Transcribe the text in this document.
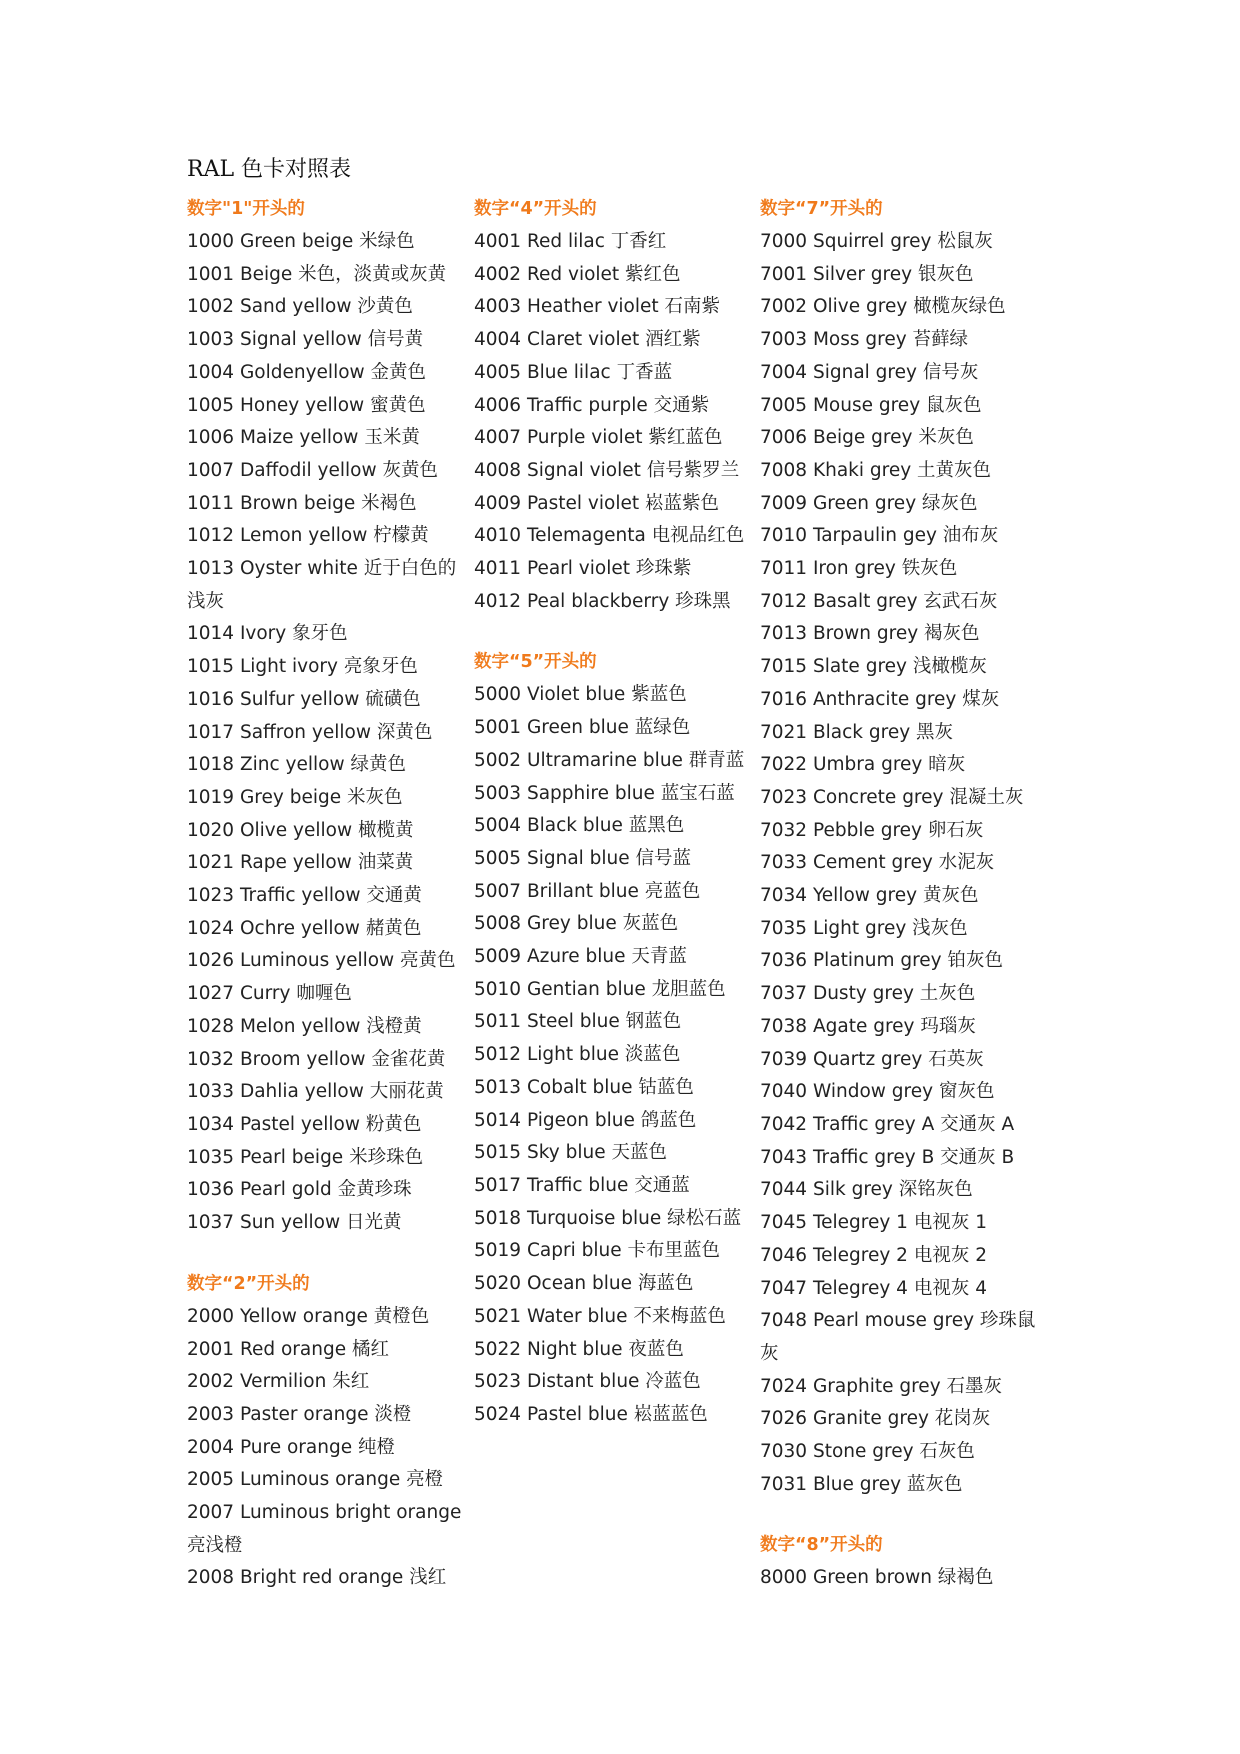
RAL 色卡对照表
数字"1"开头的
1000 Green beige 米绿色
1001 Beige 米色，淡黄或灰黄
1002 Sand yellow 沙黄色
1003 Signal yellow 信号黄
1004 Goldenyellow 金黄色
1005 Honey yellow 蜜黄色
1006 Maize yellow 玉米黄
1007 Daffodil yellow 灰黄色
1011 Brown beige 米褐色
1012 Lemon yellow 柠檬黄
1013 Oyster white 近于白色的浅灰
1014 Ivory 象牙色
1015 Light ivory 亮象牙色
1016 Sulfur yellow 硫磺色
1017 Saffron yellow 深黄色
1018 Zinc yellow 绿黄色
1019 Grey beige 米灰色
1020 Olive yellow 橄榄黄
1021 Rape yellow 油菜黄
1023 Traffic yellow 交通黄
1024 Ochre yellow 赭黄色
1026 Luminous yellow 亮黄色
1027 Curry 咖喱色
1028 Melon yellow 浅橙黄
1032 Broom yellow 金雀花黄
1033 Dahlia yellow 大丽花黄
1034 Pastel yellow 粉黄色
1035 Pearl beige 米珍珠色
1036 Pearl gold 金黄珍珠
1037 Sun yellow 日光黄
数字“2”开头的
2000 Yellow orange 黄橙色
2001 Red orange 橘红
2002 Vermilion 朱红
2003 Paster orange 淡橙
2004 Pure orange 纯橙
2005 Luminous orange 亮橙
2007 Luminous bright orange 亮浅橙
2008 Bright red orange 浅红
数字“4”开头的
4001 Red lilac 丁香红
4002 Red violet 紫红色
4003 Heather violet 石南紫
4004 Claret violet 酒红紫
4005 Blue lilac 丁香蓝
4006 Traffic purple 交通紫
4007 Purple violet 紫红蓝色
4008 Signal violet 信号紫罗兰
4009 Pastel violet 崧蓝紫色
4010 Telemagenta 电视品红色
4011 Pearl violet 珍珠紫
4012 Peal blackberry 珍珠黑
数字“5”开头的
5000 Violet blue 紫蓝色
5001 Green blue 蓝绿色
5002 Ultramarine blue 群青蓝
5003 Sapphire blue 蓝宝石蓝
5004 Black blue 蓝黑色
5005 Signal blue 信号蓝
5007 Brillant blue 亮蓝色
5008 Grey blue 灰蓝色
5009 Azure blue 天青蓝
5010 Gentian blue 龙胆蓝色
5011 Steel blue 钢蓝色
5012 Light blue 淡蓝色
5013 Cobalt blue 钴蓝色
5014 Pigeon blue 鸽蓝色
5015 Sky blue 天蓝色
5017 Traffic blue 交通蓝
5018 Turquoise blue 绿松石蓝
5019 Capri blue 卡布里蓝色
5020 Ocean blue 海蓝色
5021 Water blue 不来梅蓝色
5022 Night blue 夜蓝色
5023 Distant blue 冷蓝色
5024 Pastel blue 崧蓝蓝色
数字“7”开头的
7000 Squirrel grey 松鼠灰
7001 Silver grey 银灰色
7002 Olive grey 橄榄灰绿色
7003 Moss grey 苔藓绿
7004 Signal grey 信号灰
7005 Mouse grey 鼠灰色
7006 Beige grey 米灰色
7008 Khaki grey 土黄灰色
7009 Green grey 绿灰色
7010 Tarpaulin gey 油布灰
7011 Iron grey 铁灰色
7012 Basalt grey 玄武石灰
7013 Brown grey 褐灰色
7015 Slate grey 浅橄榄灰
7016 Anthracite grey 煤灰
7021 Black grey 黑灰
7022 Umbra grey 暗灰
7023 Concrete grey 混凝土灰 7032 Pebble grey 卵石灰
7033 Cement grey 水泥灰
7034 Yellow grey 黄灰色
7035 Light grey 浅灰色
7036 Platinum grey 铂灰色
7037 Dusty grey 土灰色
7038 Agate grey 玛瑙灰
7039 Quartz grey 石英灰
7040 Window grey 窗灰色
7042 Traffic grey A 交通灰 A
7043 Traffic grey B 交通灰 B
7044 Silk grey 深铭灰色
7045 Telegrey 1 电视灰 1
7046 Telegrey 2 电视灰 2
7047 Telegrey 4 电视灰 4
7048 Pearl mouse grey 珍珠鼠灰
7024 Graphite grey 石墨灰
7026 Granite grey 花岗灰
7030 Stone grey 石灰色
7031 Blue grey 蓝灰色
数字“8”开头的
8000 Green brown 绿褐色
